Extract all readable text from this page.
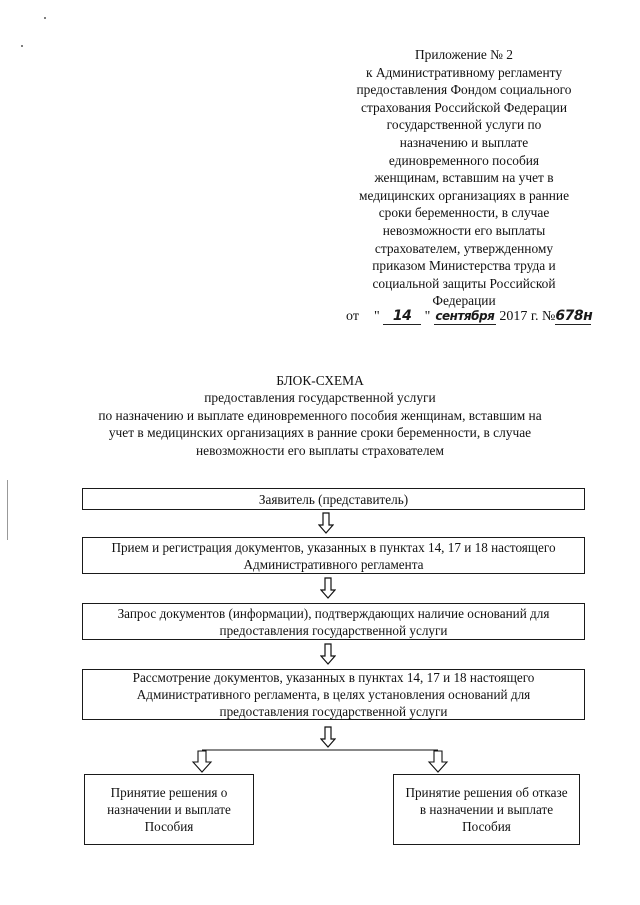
Приложение № 2
к Административному регламенту
предоставления Фондом социального
страхования Российской Федерации
государственной услуги по
назначению и выплате
единовременного пособия
женщинам, вставшим на учет в
медицинских организациях в ранние
сроки беременности, в случае
невозможности его выплаты
страхователем, утвержденному
приказом Министерства труда и
социальной защиты Российской
Федерации
от " 14 " сентября 2017 г. №678н
БЛОК-СХЕМА
предоставления государственной услуги
по назначению и выплате единовременного пособия женщинам, вставшим на
учет в медицинских организациях в ранние сроки беременности, в случае
невозможности его выплаты страхователем
Заявитель (представитель)
Прием и регистрация документов, указанных в пунктах 14, 17 и 18 настоящего
Административного регламента
Запрос документов (информации), подтверждающих наличие оснований для
предоставления государственной услуги
Рассмотрение документов, указанных в пунктах 14, 17 и 18 настоящего
Административного регламента, в целях установления оснований для
предоставления государственной услуги
Принятие решения о
назначении и выплате
Пособия
Принятие решения об отказе
в назначении и выплате
Пособия
